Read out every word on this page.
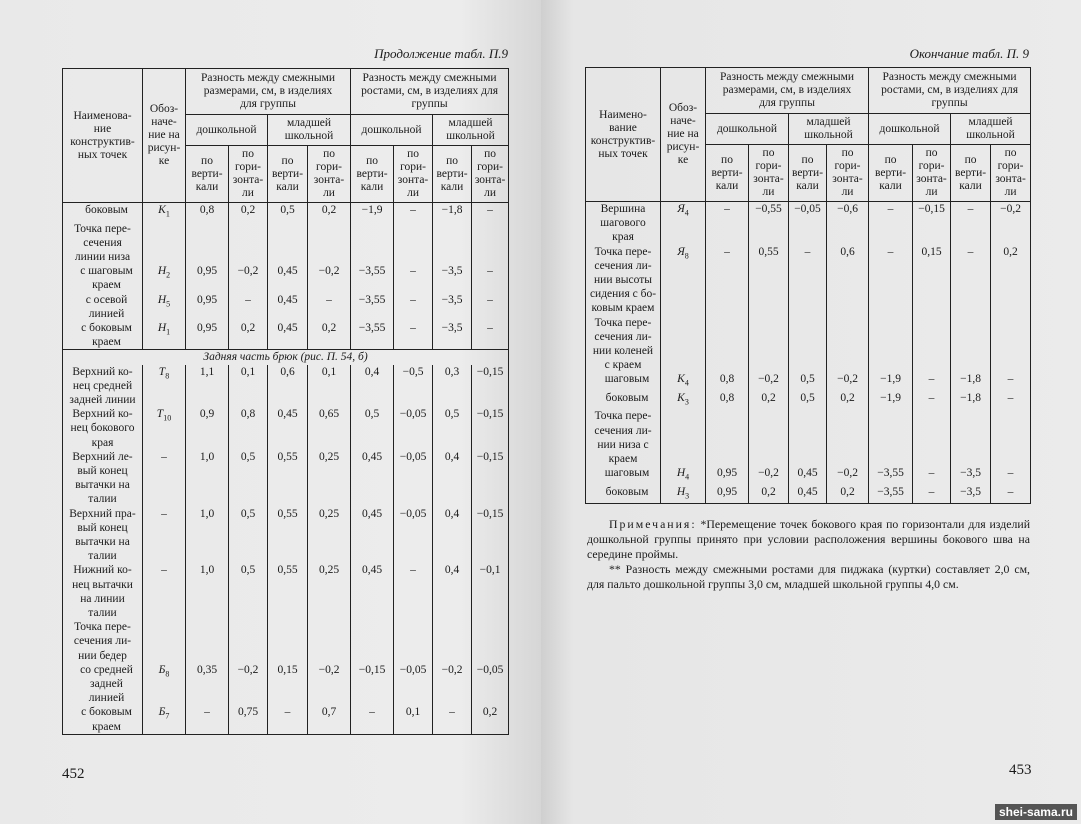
Продолжение табл. П.9
Наименова-
ние
конструктив-
ных точек	Обоз-
наче-
ние на
рисун-
ке	Разность между смежными
размерами, см, в изделиях
для группы				Разность между смежными
ростами, см, в изделиях для
группы			
		дошкольной		младшей
школьной		дошкольной		младшей
школьной	
		по
верти-
кали	по
гори-
зонта-
ли	по
верти-
кали	по
гори-
зонта-
ли	по
верти-
кали	по
гори-
зонта-
ли	по
верти-
кали	по
гори-
зонта-
ли
боковым	$K_1$	0,8	0,2	0,5	0,2	−1,9	–	−1,8	–
Точка пере-
сечения
линии низа									
с шаговым
краем	$Н_2$	0,95	−0,2	0,45	−0,2	−3,55	–	−3,5	–
с осевой
линией	$Н_5$	0,95	–	0,45	–	−3,55	–	−3,5	–
с боковым
краем	$Н_1$	0,95	0,2	0,45	0,2	−3,55	–	−3,5	–
Задняя часть брюк (рис. П. 54, б)									
Верхний ко-
нец средней
задней линии	$Т_8$	1,1	0,1	0,6	0,1	0,4	−0,5	0,3	−0,15
Верхний ко-
нец бокового
края	$Т_{10}$	0,9	0,8	0,45	0,65	0,5	−0,05	0,5	−0,15
Верхний ле-
вый конец
вытачки на
талии	–	1,0	0,5	0,55	0,25	0,45	−0,05	0,4	−0,15
Верхний пра-
вый конец
вытачки на
талии	–	1,0	0,5	0,55	0,25	0,45	−0,05	0,4	−0,15
Нижний ко-
нец вытачки
на линии
талии	–	1,0	0,5	0,55	0,25	0,45	–	0,4	−0,1
Точка пере-
сечения ли-
нии бедер									
со средней
задней
линией	$Б_8$	0,35	−0,2	0,15	−0,2	−0,15	−0,05	−0,2	−0,05
с боковым
краем	$Б_7$	–	0,75	–	0,7	–	0,1	–	0,2
452
Окончание табл. П. 9
Наимено-
вание
конструктив-
ных точек	Обоз-
наче-
ние на
рисун-
ке	Разность между смежными
размерами, см, в изделиях
для группы				Разность между смежными
ростами, см, в изделиях для
группы			
		дошкольной		младшей
школьной		дошкольной		младшей
школьной	
		по
верти-
кали	по
гори-
зонта-
ли	по
верти-
кали	по
гори-
зонта-
ли	по
верти-
кали	по
гори-
зонта-
ли	по
верти-
кали	по
гори-
зонта-
ли
Вершина
шагового
края	$Я_4$	–	−0,55	−0,05	−0,6	–	−0,15	–	−0,2
Точка пере-
сечения ли-
нии высоты
сидения с бо-
ковым краем	$Я_8$	–	0,55	–	0,6	–	0,15	–	0,2
Точка пере-
сечения ли-
нии коленей
с краем									
шаговым	$К_4$	0,8	−0,2	0,5	−0,2	−1,9	–	−1,8	–
боковым	$К_3$	0,8	0,2	0,5	0,2	−1,9	–	−1,8	–
Точка пере-
сечения ли-
нии низа с
краем									
шаговым	$Н_4$	0,95	−0,2	0,45	−0,2	−3,55	–	−3,5	–
боковым	$Н_3$	0,95	0,2	0,45	0,2	−3,55	–	−3,5	–
453

Примечания: *Перемещение точек бокового края по горизонтали для изделий дошкольной группы принято при условии расположения вершины бокового шва на середине проймы.

** Разность между смежными ростами для пиджака (куртки) составляет 2,0 см, для пальто дошкольной группы 3,0 см, младшей школьной группы 4,0 см.

shei-sama.ru
